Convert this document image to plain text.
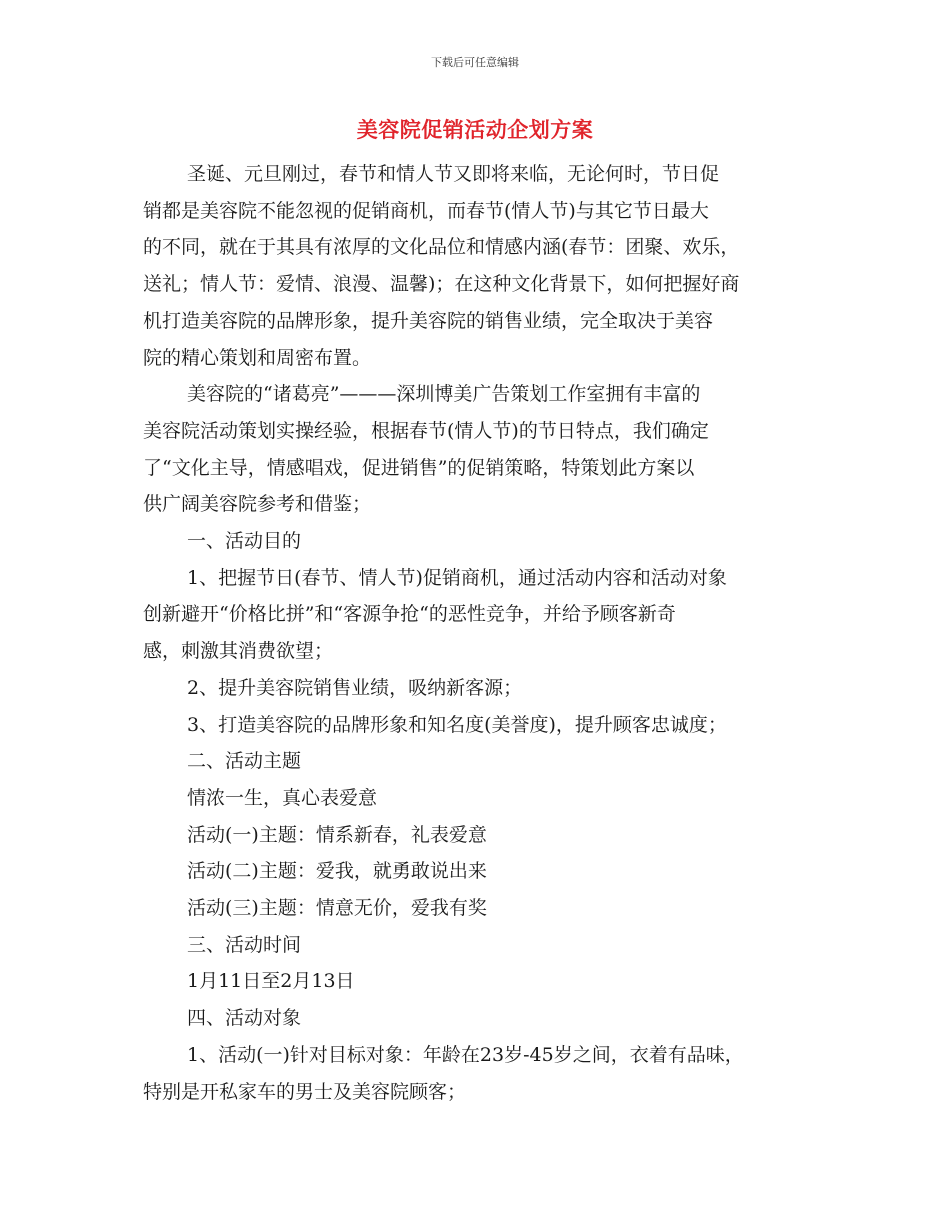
下载后可任意编辑
美容院促销活动企划方案
圣诞、元旦刚过，春节和情人节又即将来临，无论何时，节日促
销都是美容院不能忽视的促销商机，而春节(情人节)与其它节日最大
的不同，就在于其具有浓厚的文化品位和情感内涵(春节：团聚、欢乐，
送礼；情人节：爱情、浪漫、温馨)；在这种文化背景下，如何把握好商
机打造美容院的品牌形象，提升美容院的销售业绩，完全取决于美容
院的精心策划和周密布置。
美容院的“诸葛亮”———深圳博美广告策划工作室拥有丰富的
美容院活动策划实操经验，根据春节(情人节)的节日特点，我们确定
了“文化主导，情感唱戏，促进销售”的促销策略，特策划此方案以
供广阔美容院参考和借鉴；
一、活动目的
1、把握节日(春节、情人节)促销商机，通过活动内容和活动对象
创新避开“价格比拼”和“客源争抢“的恶性竞争，并给予顾客新奇
感，刺激其消费欲望；
2、提升美容院销售业绩，吸纳新客源；
3、打造美容院的品牌形象和知名度(美誉度)，提升顾客忠诚度；
二、活动主题
情浓一生，真心表爱意
活动(一)主题：情系新春，礼表爱意
活动(二)主题：爱我，就勇敢说出来
活动(三)主题：情意无价，爱我有奖
三、活动时间
1月11日至2月13日
四、活动对象
1、活动(一)针对目标对象：年龄在23岁-45岁之间，衣着有品味，
特别是开私家车的男士及美容院顾客；
